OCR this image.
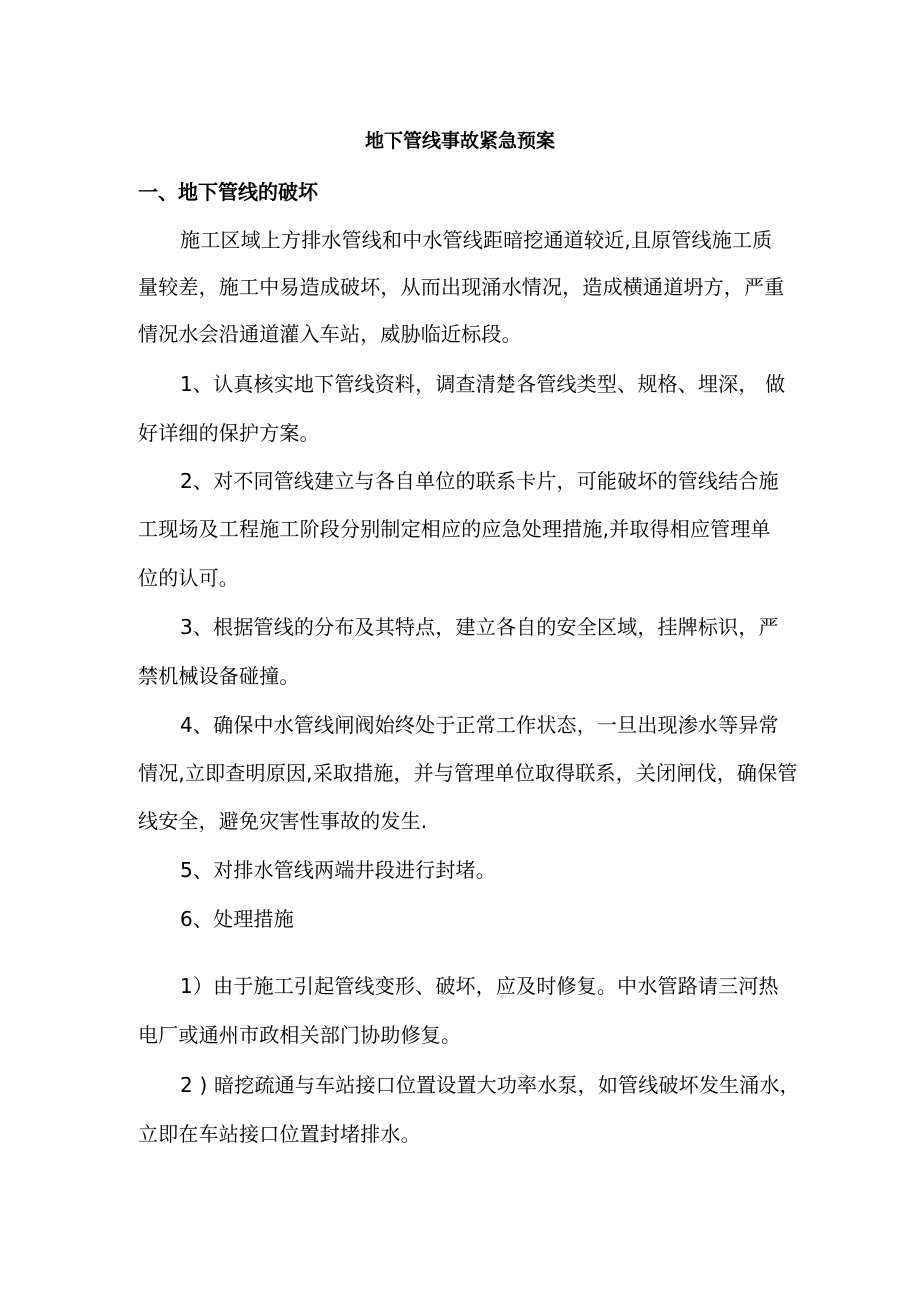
地下管线事故紧急预案
一、地下管线的破坏
施工区域上方排水管线和中水管线距暗挖通道较近,且原管线施工质
量较差，施工中易造成破坏，从而出现涌水情况，造成横通道坍方，严重
情况水会沿通道灌入车站，威胁临近标段。
1、认真核实地下管线资料，调查清楚各管线类型、规格、埋深， 做
好详细的保护方案。
2、对不同管线建立与各自单位的联系卡片，可能破坏的管线结合施
工现场及工程施工阶段分别制定相应的应急处理措施,并取得相应管理单
位的认可。
3、根据管线的分布及其特点，建立各自的安全区域，挂牌标识，严
禁机械设备碰撞。
4、确保中水管线闸阀始终处于正常工作状态，一旦出现渗水等异常
情况,立即查明原因,采取措施，并与管理单位取得联系，关闭闸伐，确保管
线安全，避免灾害性事故的发生.
5、对排水管线两端井段进行封堵。
6、处理措施
1）由于施工引起管线变形、破坏，应及时修复。中水管路请三河热
电厂或通州市政相关部门协助修复。
2 ) 暗挖疏通与车站接口位置设置大功率水泵，如管线破坏发生涌水，
立即在车站接口位置封堵排水。
